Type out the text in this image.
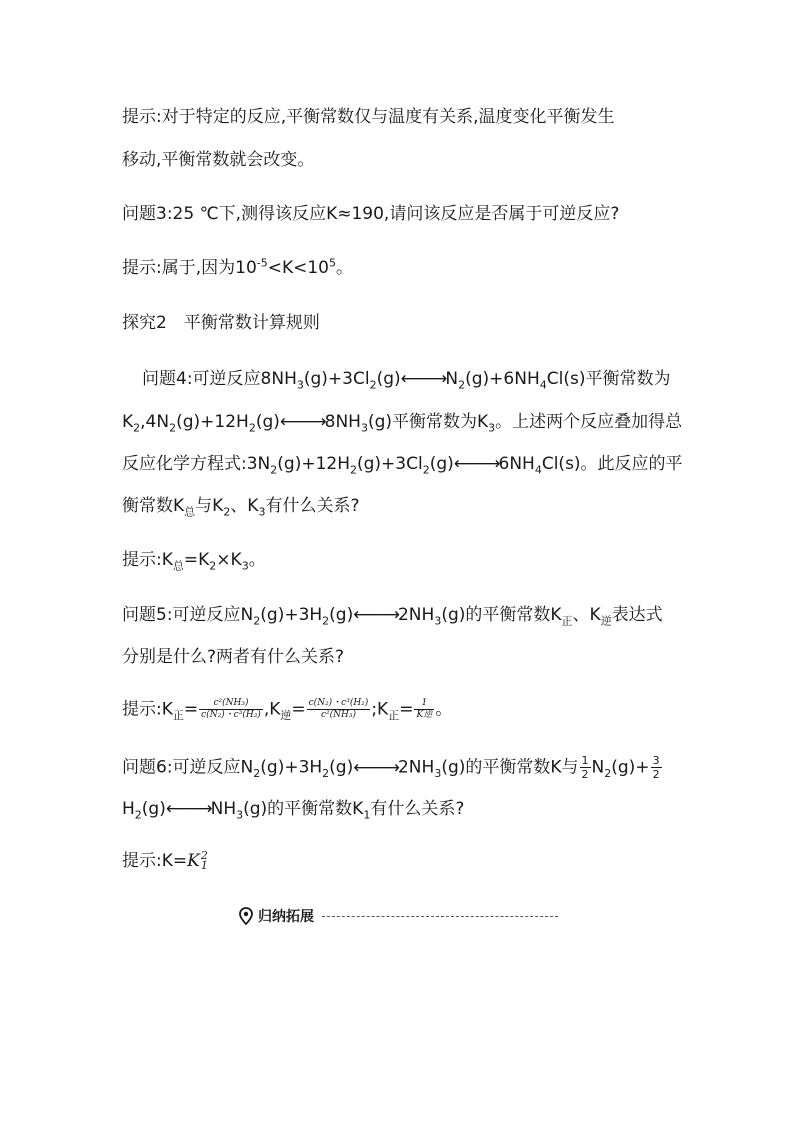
提示:对于特定的反应,平衡常数仅与温度有关系,温度变化平衡发生
移动,平衡常数就会改变。
问题3:25 ℃下,测得该反应K≈190,请问该反应是否属于可逆反应?
提示:属于,因为$10^{-5}<K<10^5$。
探究2　平衡常数计算规则
问题4:可逆反应$8NH_3(g)+3Cl_2(g)⟵⟶N_2(g)+6NH_4Cl(s)$平衡常数为
$K_2,4N_2(g)+12H_2(g)⟵⟶8NH_3(g)$平衡常数为$K_3$。上述两个反应叠加得总
反应化学方程式$:3N_2(g)+12H_2(g)+3Cl_2(g)⟵⟶6NH_4Cl(s)$。此反应的平
衡常数$K_总$与$K_2$、$K_3$有什么关系?
提示$:K_总=K_2\times K_3$。
问题5:可逆反应$N_2(g)+3H_2(g)⟵⟶2NH_3(g)$的平衡常数$K_正$、$K_逆$表达式
分别是什么?两者有什么关系?
提示$:K_正= \frac{\text{c²(NH₃)}}{\text{c(N₂)・c³(H₂)}} ,K_逆= \frac{\text{c(N₂)・c³(H₂)}}{\text{c²(NH₃)}}$ $;K_正= \frac{1}{\text{K逆}}$ 。
问题6:可逆反应$N_2(g)+3H_2(g)⟵⟶2NH_3(g)$的平衡常数K与 $\frac{1}{2} N_2(g)+ \frac{3}{2}$
$H_2(g)⟵⟶NH_3(g)$的平衡常数$K_1$有什么关系?
提示:K=K 2
1
归纳拓展
